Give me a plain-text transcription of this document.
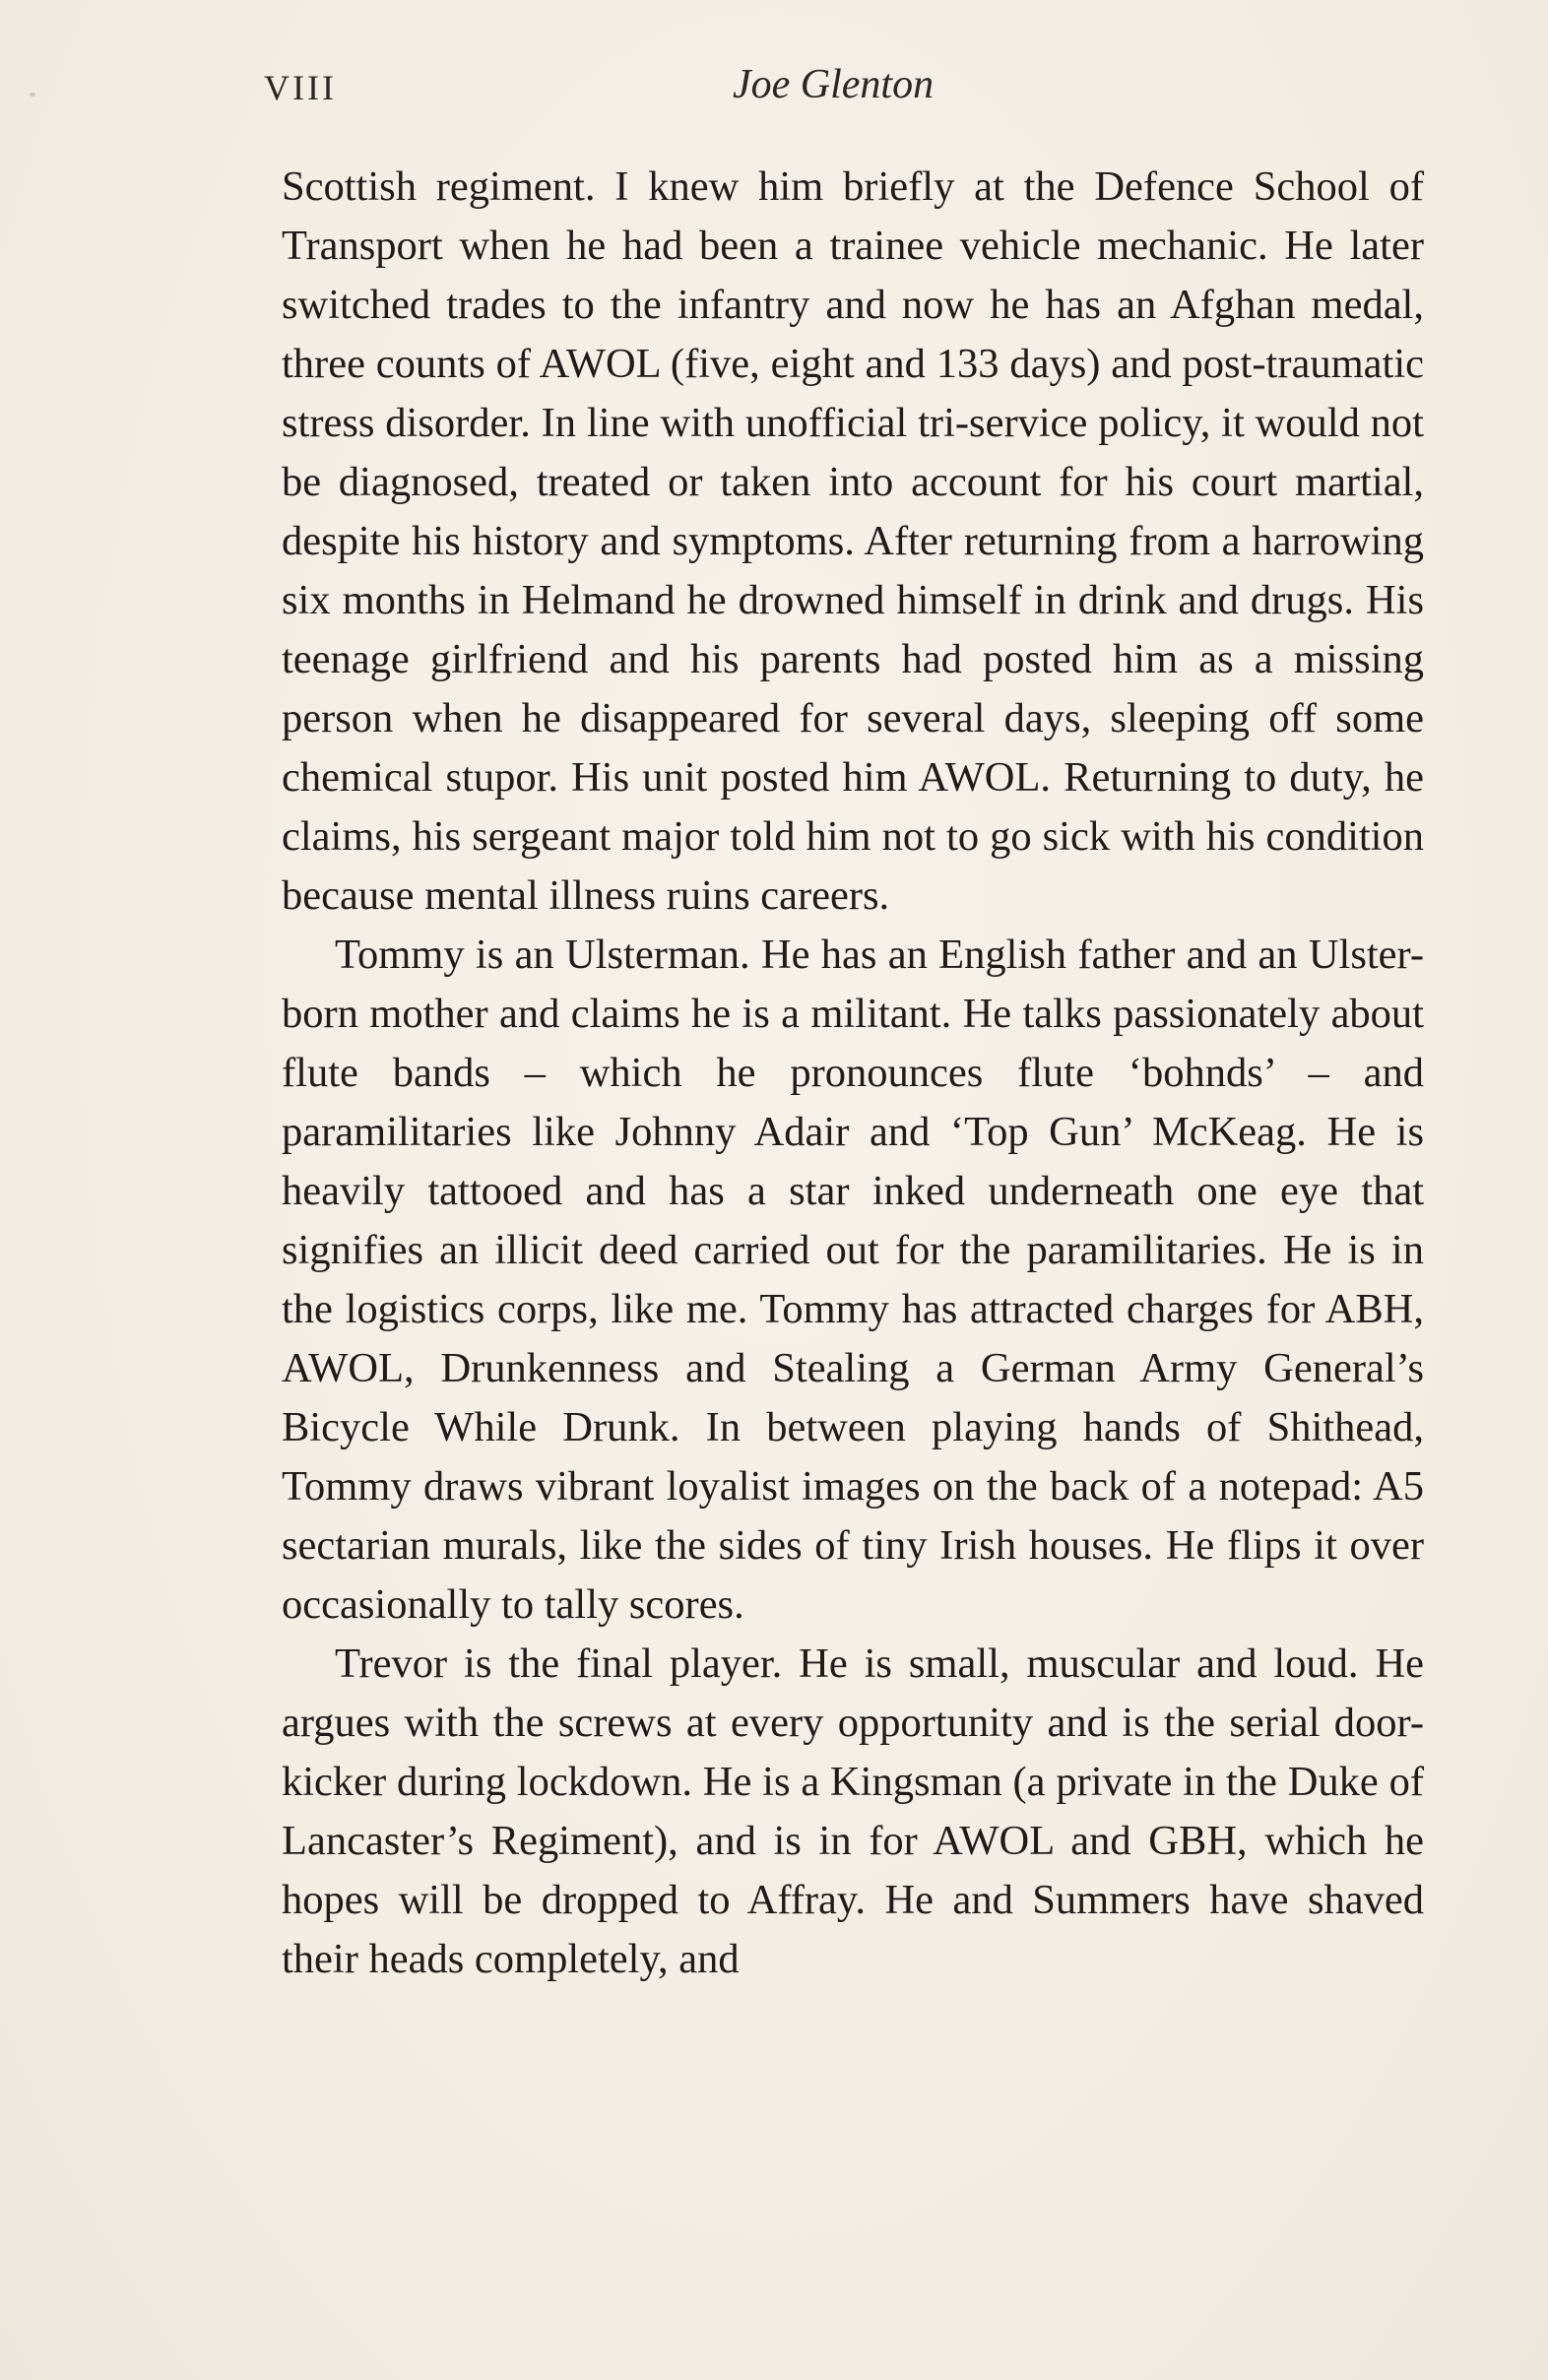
VIII	Joe Glenton

Scottish regiment. I knew him briefly at the Defence School of Transport when he had been a trainee vehicle mechanic. He later switched trades to the infantry and now he has an Afghan medal, three counts of AWOL (five, eight and 133 days) and post-traumatic stress disorder. In line with unofficial tri-service policy, it would not be diagnosed, treated or taken into account for his court martial, despite his history and symptoms. After returning from a harrowing six months in Helmand he drowned himself in drink and drugs. His teenage girlfriend and his parents had posted him as a missing person when he disappeared for several days, sleeping off some chemical stupor. His unit posted him AWOL. Returning to duty, he claims, his sergeant major told him not to go sick with his condition because mental illness ruins careers.

Tommy is an Ulsterman. He has an English father and an Ulster-born mother and claims he is a militant. He talks passionately about flute bands – which he pronounces flute ‘bohnds’ – and paramilitaries like Johnny Adair and ‘Top Gun’ McKeag. He is heavily tattooed and has a star inked underneath one eye that signifies an illicit deed carried out for the paramilitaries. He is in the logistics corps, like me. Tommy has attracted charges for ABH, AWOL, Drunkenness and Stealing a German Army General’s Bicycle While Drunk. In between playing hands of Shithead, Tommy draws vibrant loyalist images on the back of a notepad: A5 sectarian murals, like the sides of tiny Irish houses. He flips it over occasionally to tally scores.

Trevor is the final player. He is small, muscular and loud. He argues with the screws at every opportunity and is the serial door-kicker during lockdown. He is a Kingsman (a private in the Duke of Lancaster’s Regiment), and is in for AWOL and GBH, which he hopes will be dropped to Affray. He and Summers have shaved their heads completely, and
